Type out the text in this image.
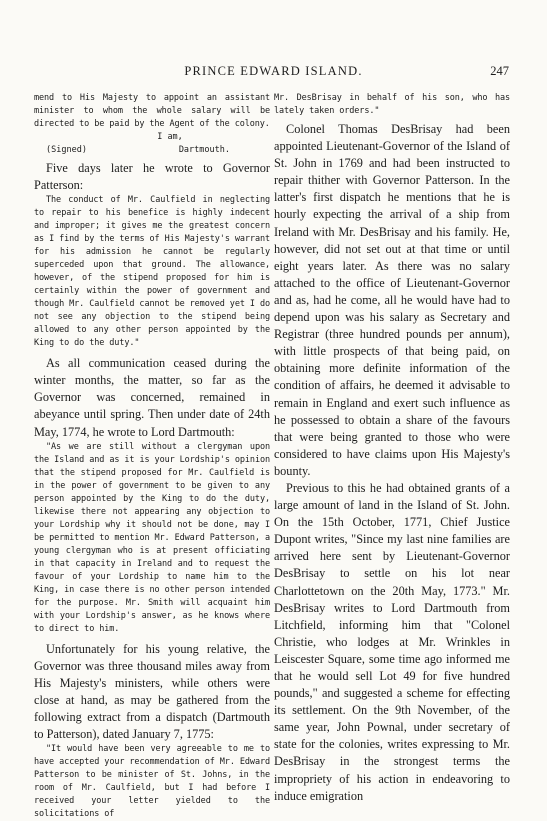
PRINCE EDWARD ISLAND.	247

mend to His Majesty to appoint an assistant minister to whom the whole salary will be directed to be paid by the Agent of the colony.

I am,
(Signed)	Dartmouth.

Five days later he wrote to Governor Patterson:

The conduct of Mr. Caulfield in neglecting to repair to his benefice is highly indecent and improper; it gives me the greatest concern as I find by the terms of His Majesty's warrant for his admission he cannot be regularly superceded upon that ground. The allowance, however, of the stipend proposed for him is certainly within the power of government and though Mr. Caulfield cannot be removed yet I do not see any objection to the stipend being allowed to any other person appointed by the King to do the duty."

As all communication ceased during the winter months, the matter, so far as the Governor was concerned, remained in abeyance until spring. Then under date of 24th May, 1774, he wrote to Lord Dartmouth:

"As we are still without a clergyman upon the Island and as it is your Lordship's opinion that the stipend proposed for Mr. Caulfield is in the power of government to be given to any person appointed by the King to do the duty, likewise there not appearing any objection to your Lordship why it should not be done, may I be permitted to mention Mr. Edward Patterson, a young clergyman who is at present officiating in that capacity in Ireland and to request the favour of your Lordship to name him to the King, in case there is no other person intended for the purpose. Mr. Smith will acquaint him with your Lordship's answer, as he knows where to direct to him.

Unfortunately for his young relative, the Governor was three thousand miles away from His Majesty's ministers, while others were close at hand, as may be gathered from the following extract from a dispatch (Dartmouth to Patterson), dated January 7, 1775:

"It would have been very agreeable to me to have accepted your recommendation of Mr. Edward Patterson to be minister of St. Johns, in the room of Mr. Caulfield, but I had before I received your letter yielded to the solicitations of

Mr. DesBrisay in behalf of his son, who has lately taken orders."

Colonel Thomas DesBrisay had been appointed Lieutenant-Governor of the Island of St. John in 1769 and had been instructed to repair thither with Governor Patterson. In the latter's first dispatch he mentions that he is hourly expecting the arrival of a ship from Ireland with Mr. DesBrisay and his family. He, however, did not set out at that time or until eight years later. As there was no salary attached to the office of Lieutenant-Governor and as, had he come, all he would have had to depend upon was his salary as Secretary and Registrar (three hundred pounds per annum), with little prospects of that being paid, on obtaining more definite information of the condition of affairs, he deemed it advisable to remain in England and exert such influence as he possessed to obtain a share of the favours that were being granted to those who were considered to have claims upon His Majesty's bounty.

Previous to this he had obtained grants of a large amount of land in the Island of St. John. On the 15th October, 1771, Chief Justice Dupont writes, "Since my last nine families are arrived here sent by Lieutenant-Governor DesBrisay to settle on his lot near Charlottetown on the 20th May, 1773." Mr. DesBrisay writes to Lord Dartmouth from Litchfield, informing him that "Colonel Christie, who lodges at Mr. Wrinkles in Leiscester Square, some time ago informed me that he would sell Lot 49 for five hundred pounds," and suggested a scheme for effecting its settlement. On the 9th November, of the same year, John Pownal, under secretary of state for the colonies, writes expressing to Mr. DesBrisay in the strongest terms the impropriety of his action in endeavoring to induce emigration
